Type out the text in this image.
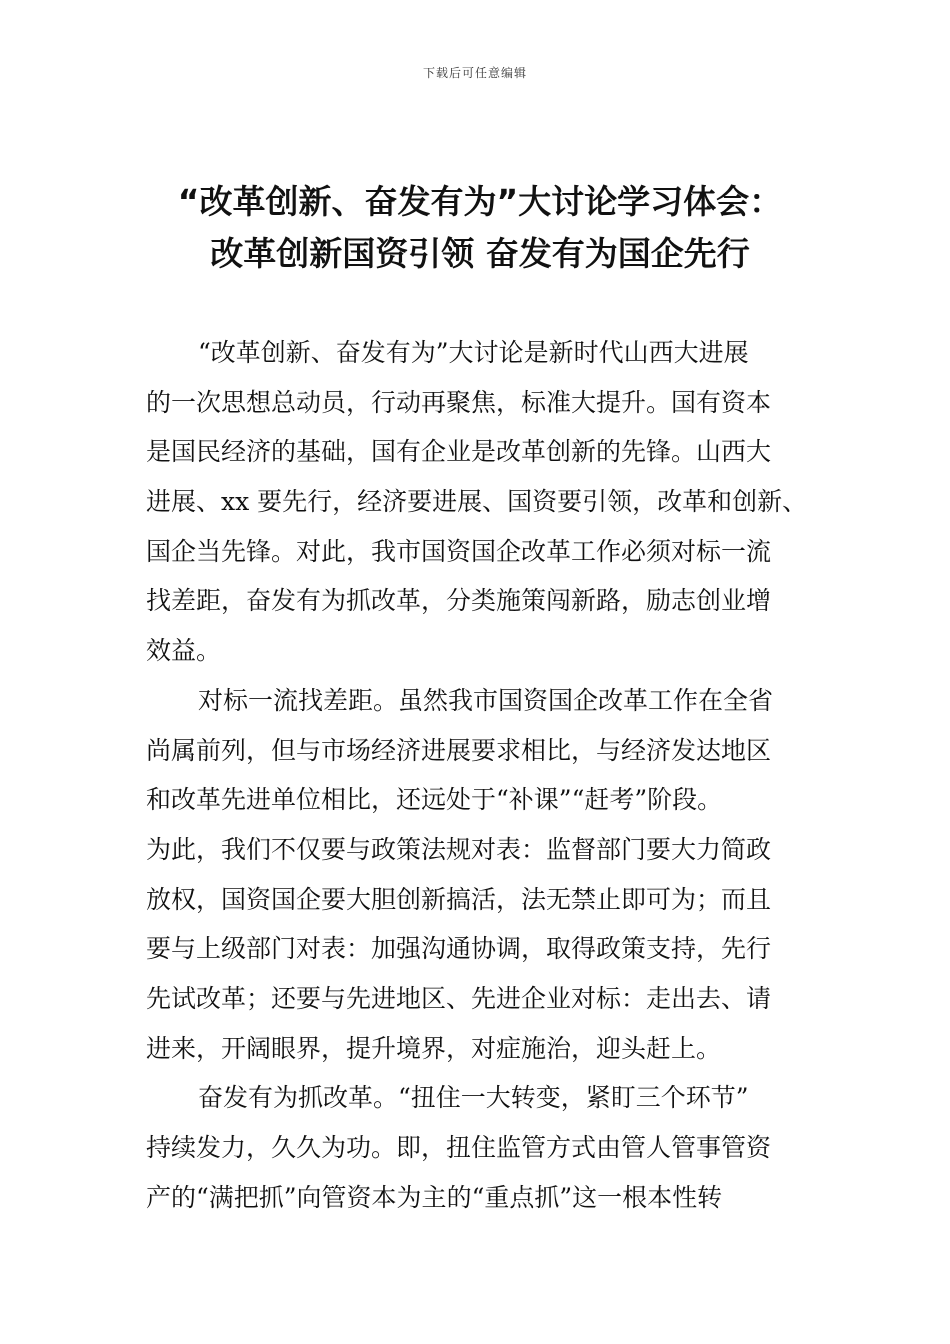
下载后可任意编辑
“改革创新、奋发有为”大讨论学习体会：
改革创新国资引领 奋发有为国企先行
“改革创新、奋发有为”大讨论是新时代山西大进展
的一次思想总动员，行动再聚焦，标准大提升。国有资本
是国民经济的基础，国有企业是改革创新的先锋。山西大
进展、xx 要先行，经济要进展、国资要引领，改革和创新、
国企当先锋。对此，我市国资国企改革工作必须对标一流
找差距，奋发有为抓改革，分类施策闯新路，励志创业增
效益。
对标一流找差距。虽然我市国资国企改革工作在全省
尚属前列，但与市场经济进展要求相比，与经济发达地区
和改革先进单位相比，还远处于“补课”“赶考”阶段。
为此，我们不仅要与政策法规对表：监督部门要大力简政
放权，国资国企要大胆创新搞活，法无禁止即可为；而且
要与上级部门对表：加强沟通协调，取得政策支持，先行
先试改革；还要与先进地区、先进企业对标：走出去、请
进来，开阔眼界，提升境界，对症施治，迎头赶上。
奋发有为抓改革。“扭住一大转变，紧盯三个环节”
持续发力，久久为功。即，扭住监管方式由管人管事管资
产的“满把抓”向管资本为主的“重点抓”这一根本性转
